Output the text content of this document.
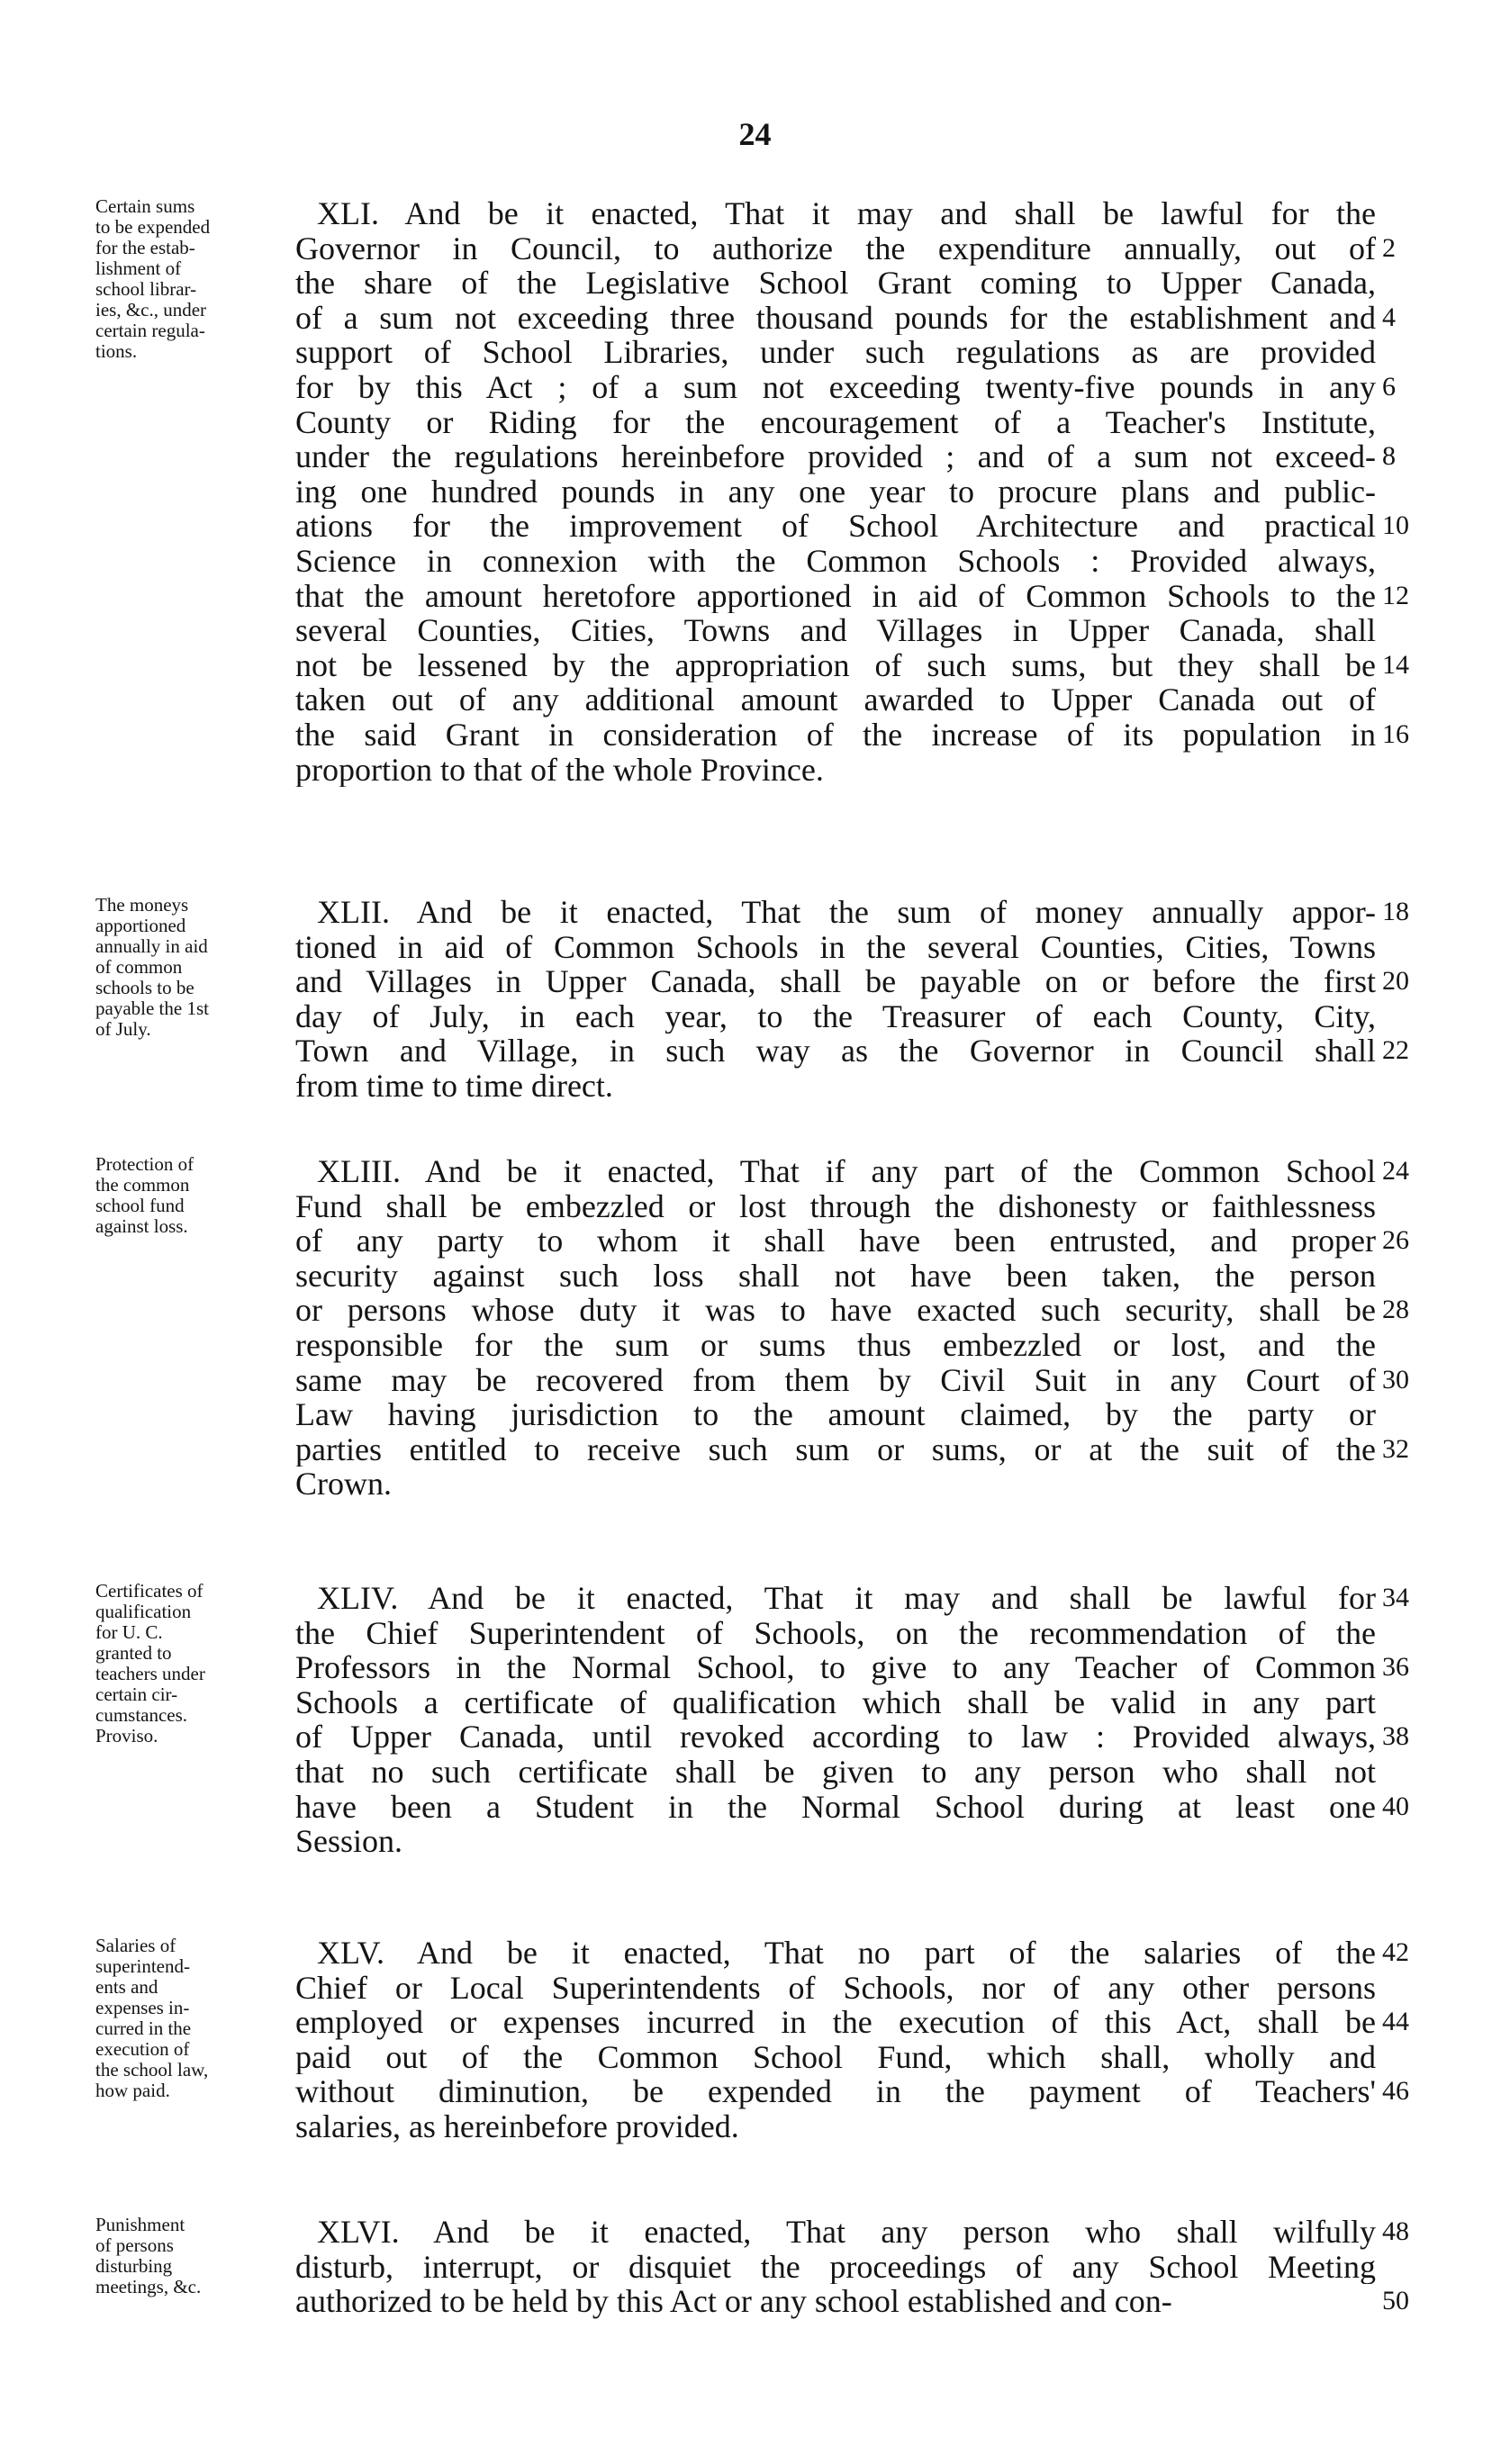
24
Certain sums
to be expended
for the estab-
lishment of
school librar-
ies, &c., under
certain regula-
tions.
XLI. And be it enacted, That it may and shall be lawful for the
Governor in Council, to authorize the expenditure annually, out of
the share of the Legislative School Grant coming to Upper Canada,
of a sum not exceeding three thousand pounds for the establishment and
support of School Libraries, under such regulations as are provided
for by this Act ; of a sum not exceeding twenty-five pounds in any
County or Riding for the encouragement of a Teacher's Institute,
under the regulations hereinbefore provided ; and of a sum not exceed-
ing one hundred pounds in any one year to procure plans and public-
ations for the improvement of School Architecture and practical
Science in connexion with the Common Schools : Provided always,
that the amount heretofore apportioned in aid of Common Schools to the
several Counties, Cities, Towns and Villages in Upper Canada, shall
not be lessened by the appropriation of such sums, but they shall be
taken out of any additional amount awarded to Upper Canada out of
the said Grant in consideration of the increase of its population in
proportion to that of the whole Province.
2
4
6
8
10
12
14
16
The moneys
apportioned
annually in aid
of common
schools to be
payable the 1st
of July.
XLII. And be it enacted, That the sum of money annually appor-
tioned in aid of Common Schools in the several Counties, Cities, Towns
and Villages in Upper Canada, shall be payable on or before the first
day of July, in each year, to the Treasurer of each County, City,
Town and Village, in such way as the Governor in Council shall
from time to time direct.
18
20
22
Protection of
the common
school fund
against loss.
XLIII. And be it enacted, That if any part of the Common School
Fund shall be embezzled or lost through the dishonesty or faithlessness
of any party to whom it shall have been entrusted, and proper
security against such loss shall not have been taken, the person
or persons whose duty it was to have exacted such security, shall be
responsible for the sum or sums thus embezzled or lost, and the
same may be recovered from them by Civil Suit in any Court of
Law having jurisdiction to the amount claimed, by the party or
parties entitled to receive such sum or sums, or at the suit of the
Crown.
24
26
28
30
32
Certificates of
qualification
for U. C.
granted to
teachers under
certain cir-
cumstances.
Proviso.
XLIV. And be it enacted, That it may and shall be lawful for
the Chief Superintendent of Schools, on the recommendation of the
Professors in the Normal School, to give to any Teacher of Common
Schools a certificate of qualification which shall be valid in any part
of Upper Canada, until revoked according to law : Provided always,
that no such certificate shall be given to any person who shall not
have been a Student in the Normal School during at least one
Session.
34
36
38
40
Salaries of
superintend-
ents and
expenses in-
curred in the
execution of
the school law,
how paid.
XLV. And be it enacted, That no part of the salaries of the
Chief or Local Superintendents of Schools, nor of any other persons
employed or expenses incurred in the execution of this Act, shall be
paid out of the Common School Fund, which shall, wholly and
without diminution, be expended in the payment of Teachers'
salaries, as hereinbefore provided.
42
44
46
Punishment
of persons
disturbing
meetings, &c.
XLVI. And be it enacted, That any person who shall wilfully
disturb, interrupt, or disquiet the proceedings of any School Meeting
authorized to be held by this Act or any school established and con-
48
50
